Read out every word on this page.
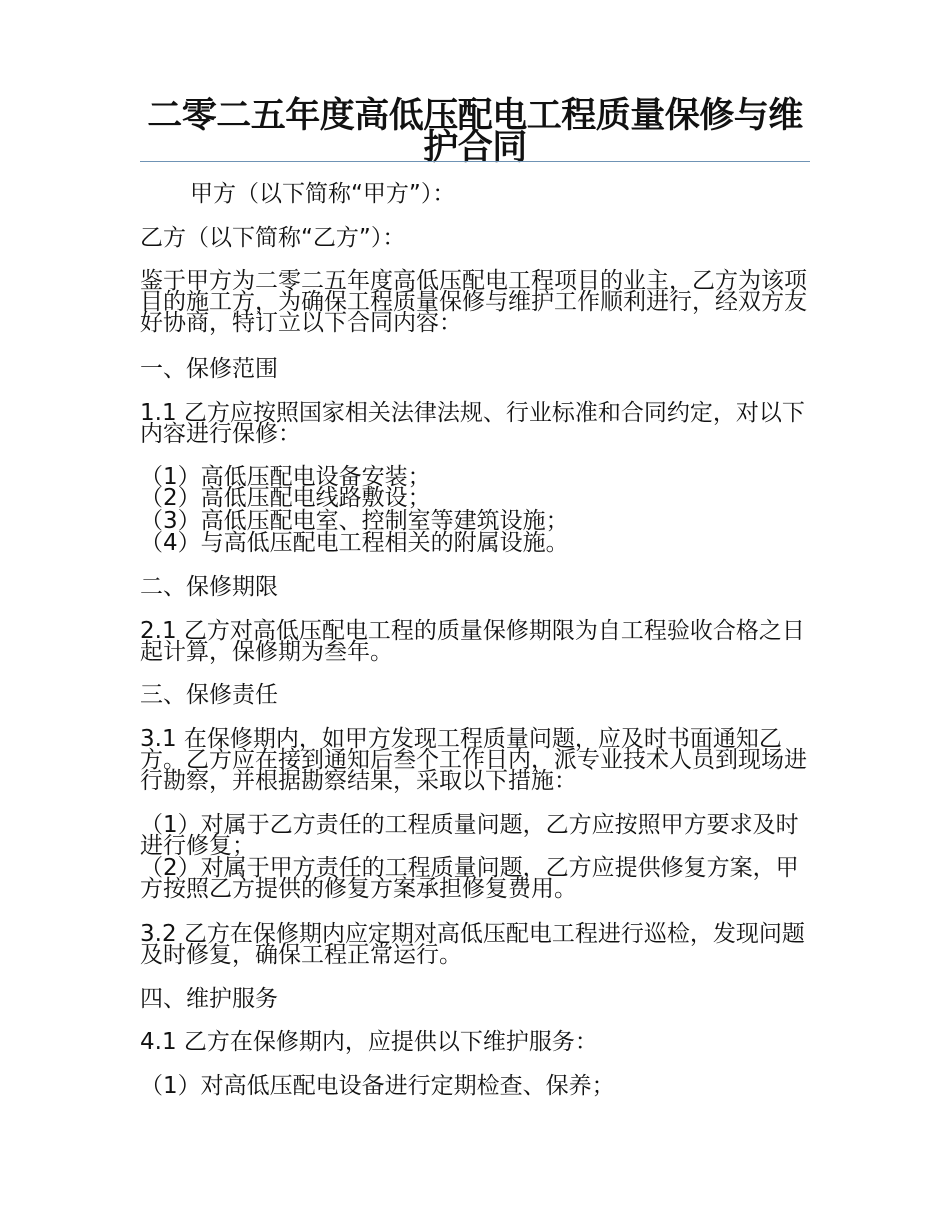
二零二五年度高低压配电工程质量保修与维护合同

甲方（以下简称“甲方”）：

乙方（以下简称“乙方”）：

鉴于甲方为二零二五年度高低压配电工程项目的业主，乙方为该项目的施工方，为确保工程质量保修与维护工作顺利进行，经双方友好协商，特订立以下合同内容：

一、保修范围

1.1 乙方应按照国家相关法律法规、行业标准和合同约定，对以下内容进行保修：

（1）高低压配电设备安装；

（2）高低压配电线路敷设；

（3）高低压配电室、控制室等建筑设施；

（4）与高低压配电工程相关的附属设施。

二、保修期限

2.1 乙方对高低压配电工程的质量保修期限为自工程验收合格之日起计算，保修期为叁年。

三、保修责任

3.1 在保修期内，如甲方发现工程质量问题，应及时书面通知乙方。乙方应在接到通知后叁个工作日内，派专业技术人员到现场进行勘察，并根据勘察结果，采取以下措施：

（1）对属于乙方责任的工程质量问题，乙方应按照甲方要求及时进行修复；

（2）对属于甲方责任的工程质量问题，乙方应提供修复方案，甲方按照乙方提供的修复方案承担修复费用。

3.2 乙方在保修期内应定期对高低压配电工程进行巡检，发现问题及时修复，确保工程正常运行。

四、维护服务

4.1 乙方在保修期内，应提供以下维护服务：

（1）对高低压配电设备进行定期检查、保养；
